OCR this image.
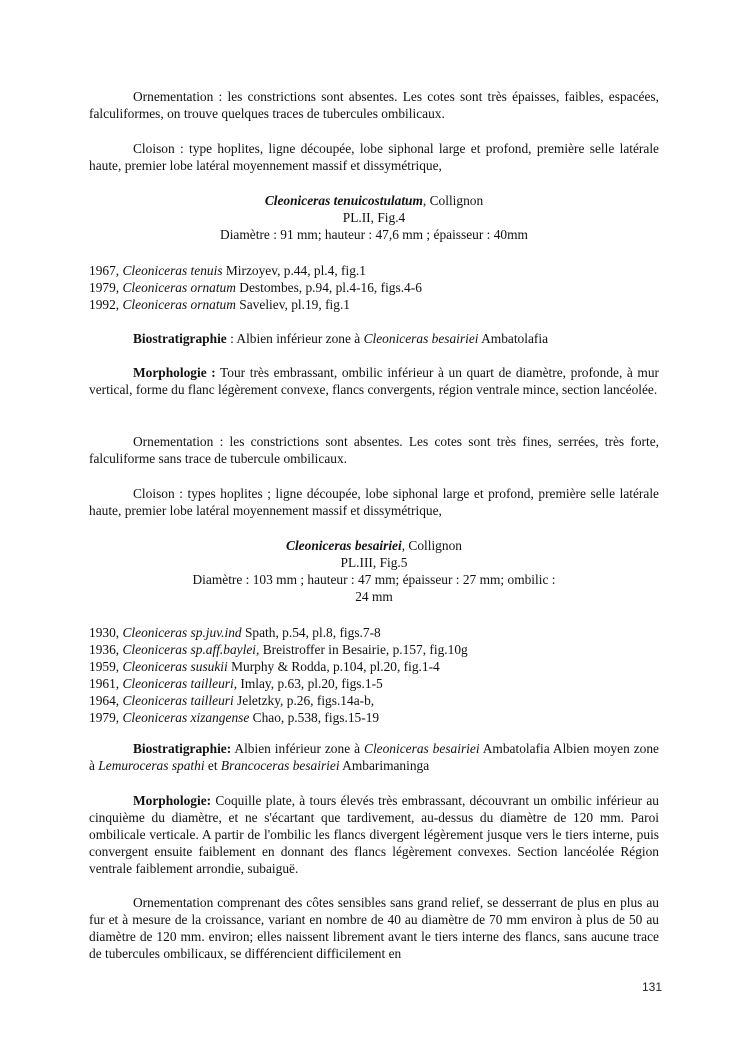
Ornementation : les constrictions sont absentes. Les cotes sont très épaisses, faibles, espacées, falculiformes, on trouve quelques traces de tubercules ombilicaux.

Cloison : type hoplites, ligne découpée, lobe siphonal large et profond, première selle latérale haute, premier lobe latéral moyennement massif et dissymétrique,

Cleoniceras tenuicostulatum, Collignon
PL.II, Fig.4
Diamètre : 91 mm; hauteur : 47,6 mm ; épaisseur : 40mm
1967, Cleoniceras tenuis Mirzoyev, p.44, pl.4, fig.1
1979, Cleoniceras ornatum Destombes, p.94, pl.4-16, figs.4-6
1992, Cleoniceras ornatum Saveliev, pl.19, fig.1

Biostratigraphie : Albien inférieur zone à Cleoniceras besairiei Ambatolafia

Morphologie : Tour très embrassant, ombilic inférieur à un quart de diamètre, profonde, à mur vertical, forme du flanc légèrement convexe, flancs convergents, région ventrale mince, section lancéolée.

Ornementation : les constrictions sont absentes. Les cotes sont très fines, serrées, très forte, falculiforme sans trace de tubercule ombilicaux.

Cloison : types hoplites ; ligne découpée, lobe siphonal large et profond, première selle latérale haute, premier lobe latéral moyennement massif et dissymétrique,

Cleoniceras besairiei, Collignon
PL.III, Fig.5
Diamètre : 103 mm ; hauteur : 47 mm; épaisseur : 27 mm; ombilic :
24 mm
1930, Cleoniceras sp.juv.ind Spath, p.54, pl.8, figs.7-8
1936, Cleoniceras sp.aff.baylei, Breistroffer in Besairie, p.157, fig.10g
1959, Cleoniceras susukii Murphy & Rodda, p.104, pl.20, fig.1-4
1961, Cleoniceras tailleuri, Imlay, p.63, pl.20, figs.1-5
1964, Cleoniceras tailleuri Jeletzky, p.26, figs.14a-b,
1979, Cleoniceras xizangense Chao, p.538, figs.15-19

Biostratigraphie: Albien inférieur zone à Cleoniceras besairiei Ambatolafia Albien moyen zone à Lemuroceras spathi et Brancoceras besairiei Ambarimaninga

Morphologie: Coquille plate, à tours élevés très embrassant, découvrant un ombilic inférieur au cinquième du diamètre, et ne s'écartant que tardivement, au-dessus du diamètre de 120 mm. Paroi ombilicale verticale. A partir de l'ombilic les flancs divergent légèrement jusque vers le tiers interne, puis convergent ensuite faiblement en donnant des flancs légèrement convexes. Section lancéolée Région ventrale faiblement arrondie, subaiguë.

Ornementation comprenant des côtes sensibles sans grand relief, se desserrant de plus en plus au fur et à mesure de la croissance, variant en nombre de 40 au diamètre de 70 mm environ à plus de 50 au diamètre de 120 mm. environ; elles naissent librement avant le tiers interne des flancs, sans aucune trace de tubercules ombilicaux, se différencient difficilement en

131
